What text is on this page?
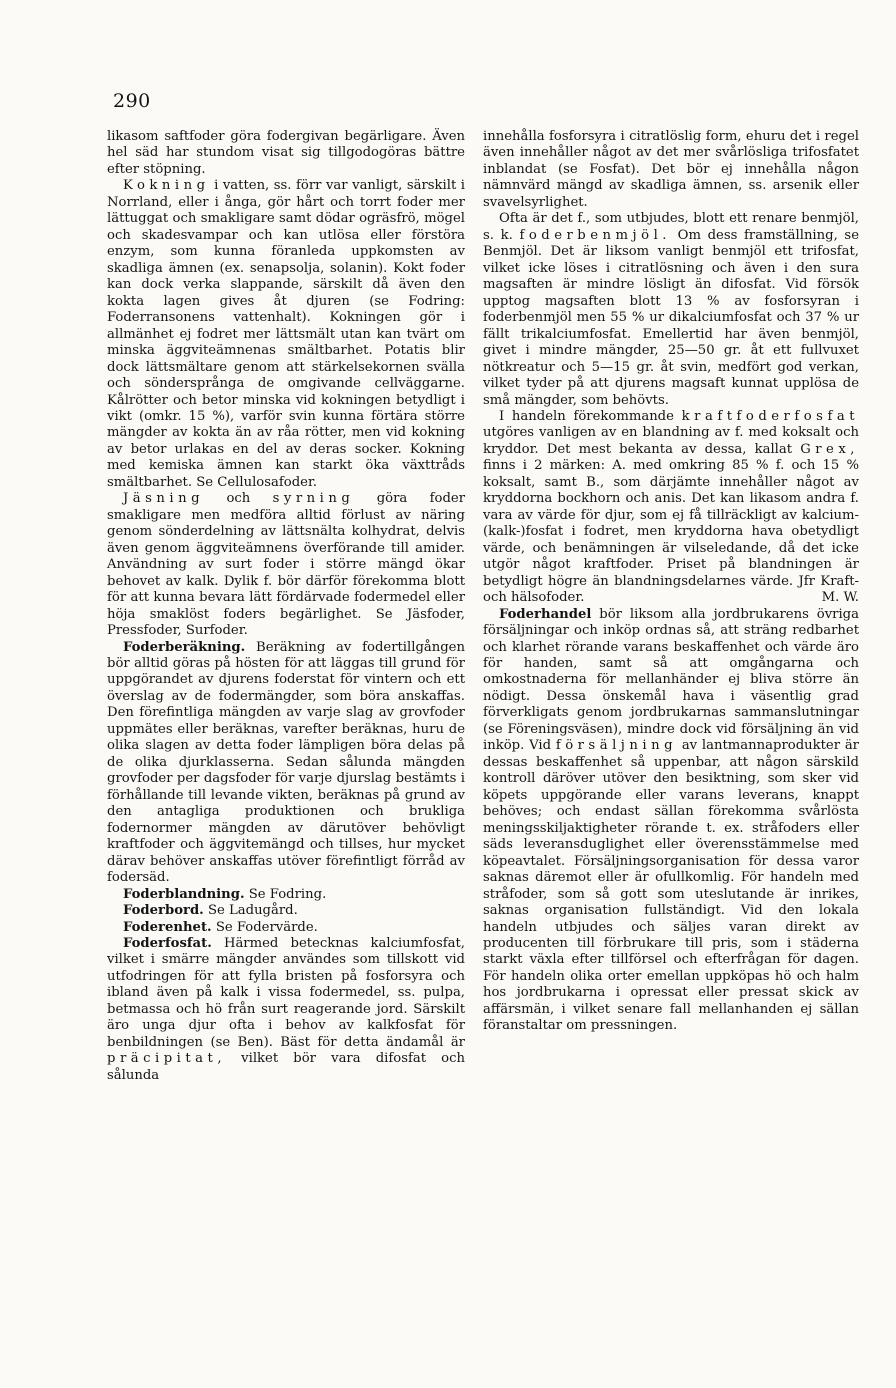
290

likasom saftfoder göra fodergivan begärligare. Även hel säd har stundom visat sig tillgodogöras bättre efter stöpning.

Kokning i vatten, ss. förr var vanligt, särskilt i Norrland, eller i ånga, gör hårt och torrt foder mer lättuggat och smakligare samt dödar ogräsfrö, mögel och skadesvampar och kan utlösa eller förstöra enzym, som kunna föranleda uppkomsten av skadliga ämnen (ex. senapsolja, solanin). Kokt foder kan dock verka slappande, särskilt då även den kokta lagen gives åt djuren (se Fodring: Foderransonens vattenhalt). Kokningen gör i allmänhet ej fodret mer lättsmält utan kan tvärt om minska äggviteämnenas smältbarhet. Potatis blir dock lättsmältare genom att stärkelsekornen svälla och söndersprånga de omgivande cellväggarne. Kålrötter och betor minska vid kokningen betydligt i vikt (omkr. 15 %), varför svin kunna förtära större mängder av kokta än av råa rötter, men vid kokning av betor urlakas en del av deras socker. Kokning med kemiska ämnen kan starkt öka växttråds smältbarhet. Se Cellulosafoder.

Jäsning och syrning göra foder smakligare men medföra alltid förlust av näring genom sönderdelning av lättsnälta kolhydrat, delvis även genom äggviteämnens överförande till amider. Användning av surt foder i större mängd ökar behovet av kalk. Dylik f. bör därför förekomma blott för att kunna bevara lätt fördärvade fodermedel eller höja smaklöst foders begärlighet. Se Jäsfoder, Pressfoder, Surfoder.

Foderberäkning. Beräkning av fodertillgången bör alltid göras på hösten för att läggas till grund för uppgörandet av djurens foderstat för vintern och ett överslag av de fodermängder, som böra anskaffas. Den förefintliga mängden av varje slag av grovfoder uppmätes eller beräknas, varefter beräknas, huru de olika slagen av detta foder lämpligen böra delas på de olika djurklasserna. Sedan sålunda mängden grovfoder per dagsfoder för varje djurslag bestämts i förhållande till levande vikten, beräknas på grund av den antagliga produktionen och brukliga fodernormer mängden av därutöver behövligt kraftfoder och äggvitemängd och tillses, hur mycket därav behöver anskaffas utöver förefintligt förråd av fodersäd.

Foderblandning. Se Fodring.

Foderbord. Se Ladugård.

Foderenhet. Se Fodervärde.

Foderfosfat. Härmed betecknas kalciumfosfat, vilket i smärre mängder användes som tillskott vid utfodringen för att fylla bristen på fosforsyra och ibland även på kalk i vissa fodermedel, ss. pulpa, betmassa och hö från surt reagerande jord. Särskilt äro unga djur ofta i behov av kalkfosfat för benbildningen (se Ben). Bäst för detta ändamål är präcipitat, vilket bör vara difosfat och sålunda

innehålla fosforsyra i citratlöslig form, ehuru det i regel även innehåller något av det mer svårlösliga trifosfatet inblandat (se Fosfat). Det bör ej innehålla någon nämnvärd mängd av skadliga ämnen, ss. arsenik eller svavelsyrlighet.

Ofta är det f., som utbjudes, blott ett renare benmjöl, s. k. foderbenmjöl. Om dess framställning, se Benmjöl. Det är liksom vanligt benmjöl ett trifosfat, vilket icke löses i citratlösning och även i den sura magsaften är mindre lösligt än difosfat. Vid försök upptog magsaften blott 13 % av fosforsyran i foderbenmjöl men 55 % ur dikalciumfosfat och 37 % ur fällt trikalciumfosfat. Emellertid har även benmjöl, givet i mindre mängder, 25—50 gr. åt ett fullvuxet nötkreatur och 5—15 gr. åt svin, medfört god verkan, vilket tyder på att djurens magsaft kunnat upplösa de små mängder, som behövts.

I handeln förekommande kraftfoderfosfat utgöres vanligen av en blandning av f. med koksalt och kryddor. Det mest bekanta av dessa, kallat Grex, finns i 2 märken: A. med omkring 85 % f. och 15 % koksalt, samt B., som därjämte innehåller något av kryddorna bockhorn och anis. Det kan likasom andra f. vara av värde för djur, som ej få tillräckligt av kalcium-(kalk-)fosfat i fodret, men kryddorna hava obetydligt värde, och benämningen är vilseledande, då det icke utgör något kraftfoder. Priset på blandningen är betydligt högre än blandningsdelarnes värde. Jfr Kraft- och hälsofoder.	M. W.

Foderhandel bör liksom alla jordbrukarens övriga försäljningar och inköp ordnas så, att sträng redbarhet och klarhet rörande varans beskaffenhet och värde äro för handen, samt så att omgångarna och omkostnaderna för mellanhänder ej bliva större än nödigt. Dessa önskemål hava i väsentlig grad förverkligats genom jordbrukarnas sammanslutningar (se Föreningsväsen), mindre dock vid försäljning än vid inköp. Vid försäljning av lantmannaprodukter är dessas beskaffenhet så uppenbar, att någon särskild kontroll däröver utöver den besiktning, som sker vid köpets uppgörande eller varans leverans, knappt behöves; och endast sällan förekomma svårlösta meningsskiljaktigheter rörande t. ex. stråfoders eller säds leveransduglighet eller överensstämmelse med köpeavtalet. Försäljningsorganisation för dessa varor saknas däremot eller är ofullkomlig. För handeln med stråfoder, som så gott som uteslutande är inrikes, saknas organisation fullständigt. Vid den lokala handeln utbjudes och säljes varan direkt av producenten till förbrukare till pris, som i städerna starkt växla efter tillförsel och efterfrågan för dagen. För handeln olika orter emellan uppköpas hö och halm hos jordbrukarna i opressat eller pressat skick av affärsmän, i vilket senare fall mellanhanden ej sällan föranstaltar om pressningen.
